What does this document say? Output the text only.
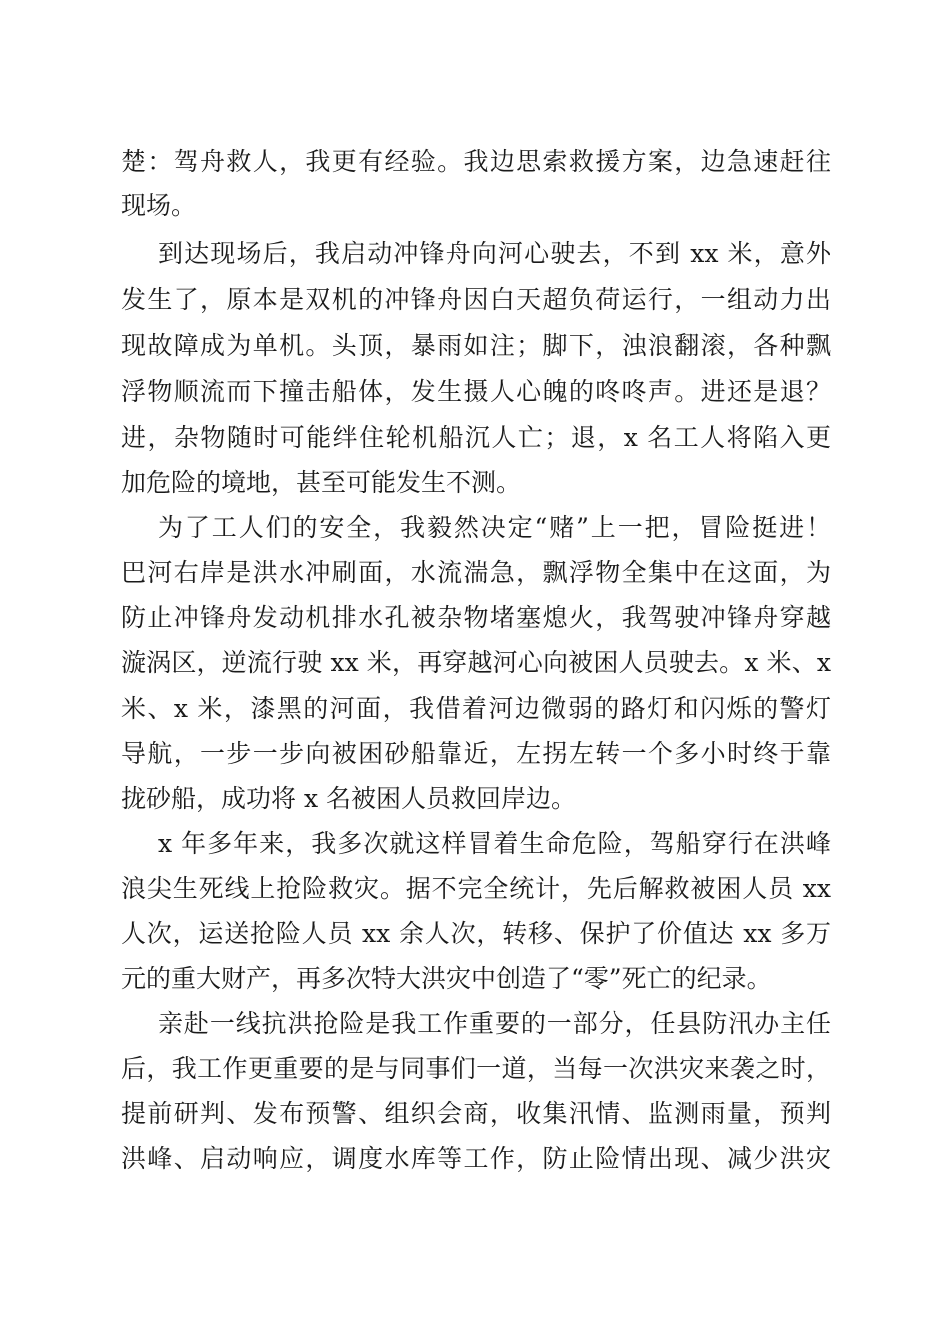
楚：驾舟救人，我更有经验。我边思索救援方案，边急速赶往
现场。
到达现场后，我启动冲锋舟向河心驶去，不到 xx 米，意外
发生了，原本是双机的冲锋舟因白天超负荷运行，一组动力出
现故障成为单机。头顶，暴雨如注；脚下，浊浪翻滚，各种飘
浮物顺流而下撞击船体，发生摄人心魄的咚咚声。进还是退？
进，杂物随时可能绊住轮机船沉人亡；退，x 名工人将陷入更
加危险的境地，甚至可能发生不测。
为了工人们的安全，我毅然决定“赌”上一把，冒险挺进！
巴河右岸是洪水冲刷面，水流湍急，飘浮物全集中在这面，为
防止冲锋舟发动机排水孔被杂物堵塞熄火，我驾驶冲锋舟穿越
漩涡区，逆流行驶 xx 米，再穿越河心向被困人员驶去。x 米、x
米、x 米，漆黑的河面，我借着河边微弱的路灯和闪烁的警灯
导航，一步一步向被困砂船靠近，左拐左转一个多小时终于靠
拢砂船，成功将 x 名被困人员救回岸边。
x 年多年来，我多次就这样冒着生命危险，驾船穿行在洪峰
浪尖生死线上抢险救灾。据不完全统计，先后解救被困人员 xx
人次，运送抢险人员 xx 余人次，转移、保护了价值达 xx 多万
元的重大财产，再多次特大洪灾中创造了“零”死亡的纪录。
亲赴一线抗洪抢险是我工作重要的一部分，任县防汛办主任
后，我工作更重要的是与同事们一道，当每一次洪灾来袭之时，
提前研判、发布预警、组织会商，收集汛情、监测雨量，预判
洪峰、启动响应，调度水库等工作，防止险情出现、减少洪灾
